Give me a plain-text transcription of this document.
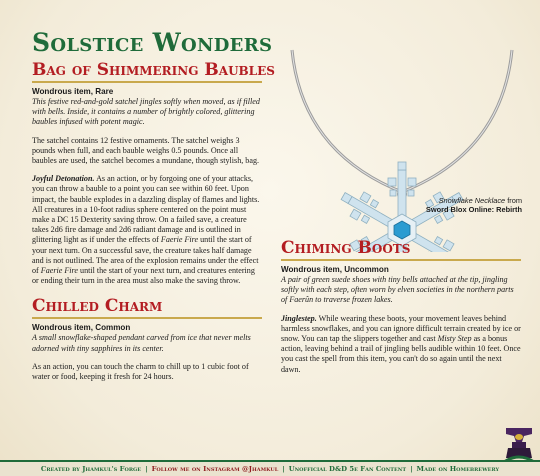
Solstice Wonders
Bag of Shimmering Baubles
Wondrous item, Rare

This festive red-and-gold satchel jingles softly when moved, as if filled with bells. Inside, it contains a number of brightly colored, glittering baubles infused with potent magic.

The satchel contains 12 festive ornaments. The satchel weighs 3 pounds when full, and each bauble weighs 0.5 pounds. Once all baubles are used, the satchel becomes a mundane, though stylish, bag.

Joyful Detonation. As an action, or by forgoing one of your attacks, you can throw a bauble to a point you can see within 60 feet. Upon impact, the bauble explodes in a dazzling display of flames and lights. All creatures in a 10-foot radius sphere centered on the point must make a DC 15 Dexterity saving throw. On a failed save, a creature takes 2d6 fire damage and 2d6 radiant damage and is outlined in glittering light as if under the effects of Faerie Fire until the start of your next turn. On a successful save, the creature takes half damage and is not outlined. The area of the explosion remains under the effect of Faerie Fire until the start of your next turn, and creatures entering or ending their turn in the area must also make the saving throw.

Chilled Charm
Wondrous item, Common

A small snowflake-shaped pendant carved from ice that never melts adorned with tiny sapphires in its center.

As an action, you can touch the charm to chill up to 1 cubic foot of water or food, keeping it fresh for 24 hours.

Snowflake Necklace from
Sword Blox Online: Rebirth
Chiming Boots
Wondrous item, Uncommon

A pair of green suede shoes with tiny bells attached at the tip, jingling softly with each step, often worn by elven societies in the northern parts of Faerûn to traverse frozen lakes.

Jinglestep. While wearing these boots, your movement leaves behind harmless snowflakes, and you can ignore difficult terrain created by ice or snow. You can tap the slippers together and cast Misty Step as a bonus action, leaving behind a trail of jingling bells audible within 10 feet. Once you cast the spell from this item, you can't do so again until the next dawn.

Created by Jhamkul's Forge | Follow me on Instagram @Jhamkul | Unofficial D&D 5e Fan Content | Made on Homebrewery
